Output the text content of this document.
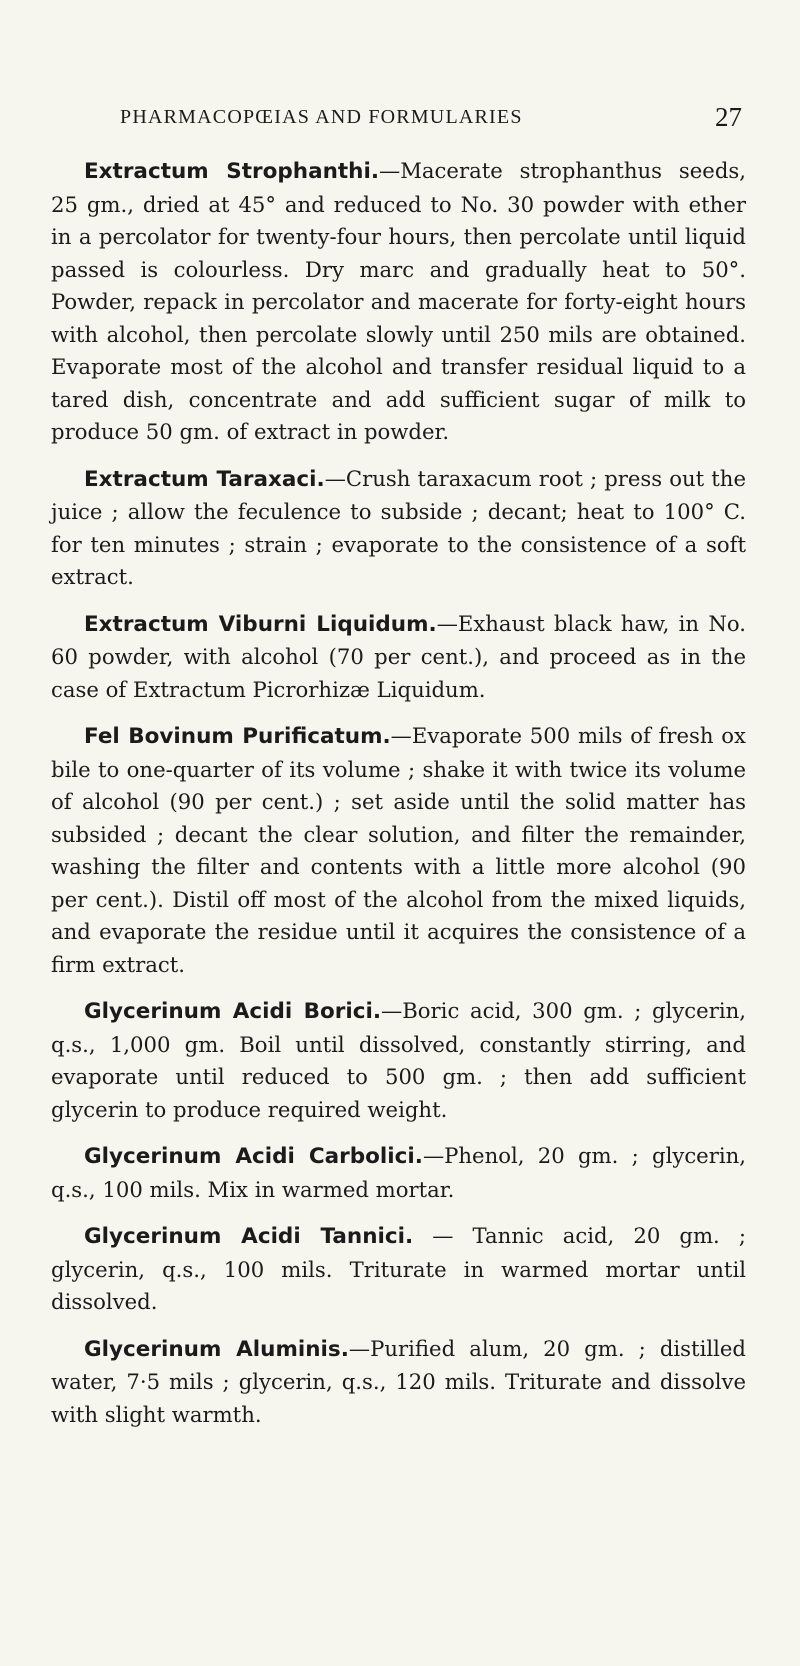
PHARMACOPŒIAS AND FORMULARIES	27

Extractum Strophanthi.—Macerate strophanthus seeds, 25 gm., dried at 45° and reduced to No. 30 powder with ether in a percolator for twenty-four hours, then percolate until liquid passed is colourless. Dry marc and gradually heat to 50°. Powder, repack in percolator and macerate for forty-eight hours with alcohol, then percolate slowly until 250 mils are obtained. Evaporate most of the alcohol and transfer residual liquid to a tared dish, concentrate and add sufficient sugar of milk to produce 50 gm. of extract in powder.

Extractum Taraxaci.—Crush taraxacum root ; press out the juice ; allow the feculence to subside ; decant; heat to 100° C. for ten minutes ; strain ; evaporate to the consistence of a soft extract.

Extractum Viburni Liquidum.—Exhaust black haw, in No. 60 powder, with alcohol (70 per cent.), and proceed as in the case of Extractum Picrorhizæ Liquidum.

Fel Bovinum Purificatum.—Evaporate 500 mils of fresh ox bile to one-quarter of its volume ; shake it with twice its volume of alcohol (90 per cent.) ; set aside until the solid matter has subsided ; decant the clear solution, and filter the remainder, washing the filter and contents with a little more alcohol (90 per cent.). Distil off most of the alcohol from the mixed liquids, and evaporate the residue until it acquires the consistence of a firm extract.

Glycerinum Acidi Borici.—Boric acid, 300 gm. ; glycerin, q.s., 1,000 gm. Boil until dissolved, constantly stirring, and evaporate until reduced to 500 gm. ; then add sufficient glycerin to produce required weight.

Glycerinum Acidi Carbolici.—Phenol, 20 gm. ; glycerin, q.s., 100 mils. Mix in warmed mortar.

Glycerinum Acidi Tannici. — Tannic acid, 20 gm. ; glycerin, q.s., 100 mils. Triturate in warmed mortar until dissolved.

Glycerinum Aluminis.—Purified alum, 20 gm. ; distilled water, 7·5 mils ; glycerin, q.s., 120 mils. Triturate and dissolve with slight warmth.
